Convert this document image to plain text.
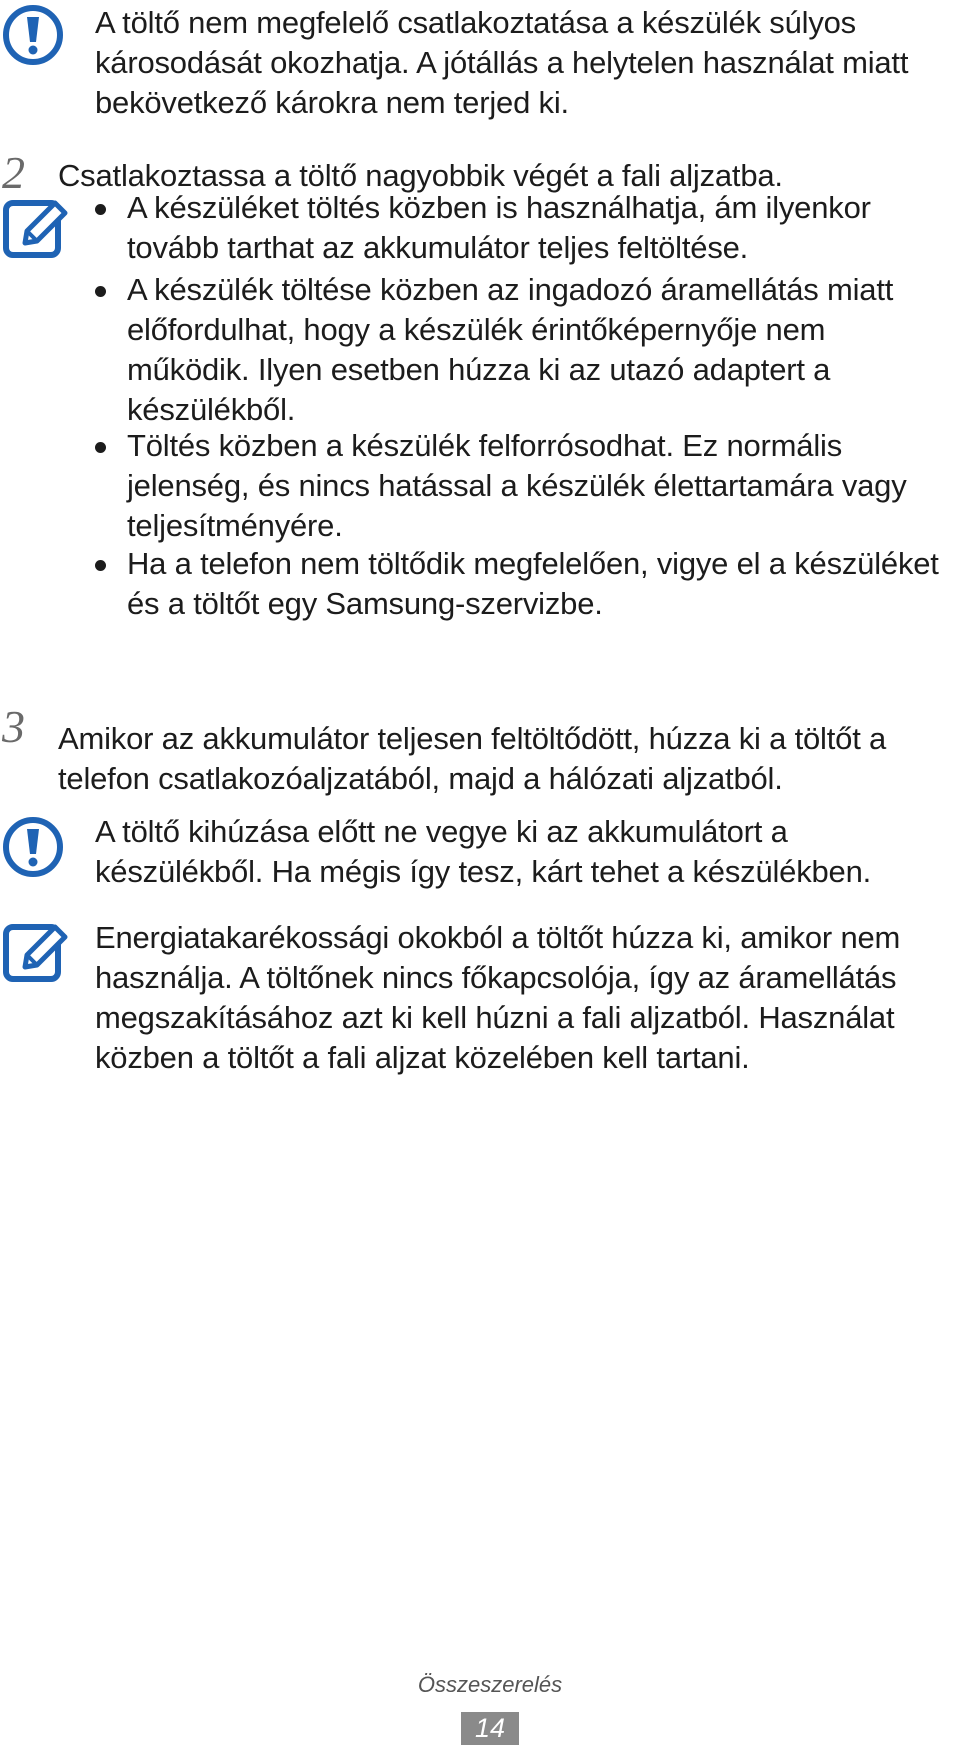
A töltő nem megfelelő csatlakoztatása a készülék súlyos károsodását okozhatja. A jótállás a helytelen használat miatt bekövetkező károkra nem terjed ki.
2 Csatlakoztassa a töltő nagyobbik végét a fali aljzatba.
A készüléket töltés közben is használhatja, ám ilyenkor tovább tarthat az akkumulátor teljes feltöltése.
A készülék töltése közben az ingadozó áramellátás miatt előfordulhat, hogy a készülék érintőképernyője nem működik. Ilyen esetben húzza ki az utazó adaptert a készülékből.
Töltés közben a készülék felforrósodhat. Ez normális jelenség, és nincs hatással a készülék élettartamára vagy teljesítményére.
Ha a telefon nem töltődik megfelelően, vigye el a készüléket és a töltőt egy Samsung-szervizbe.
3 Amikor az akkumulátor teljesen feltöltődött, húzza ki a töltőt a telefon csatlakozóaljzatából, majd a hálózati aljzatból.
A töltő kihúzása előtt ne vegye ki az akkumulátort a készülékből. Ha mégis így tesz, kárt tehet a készülékben.
Energiatakarékossági okokból a töltőt húzza ki, amikor nem használja. A töltőnek nincs főkapcsolója, így az áramellátás megszakításához azt ki kell húzni a fali aljzatból. Használat közben a töltőt a fali aljzat közelében kell tartani.
Összeszerelés
14
